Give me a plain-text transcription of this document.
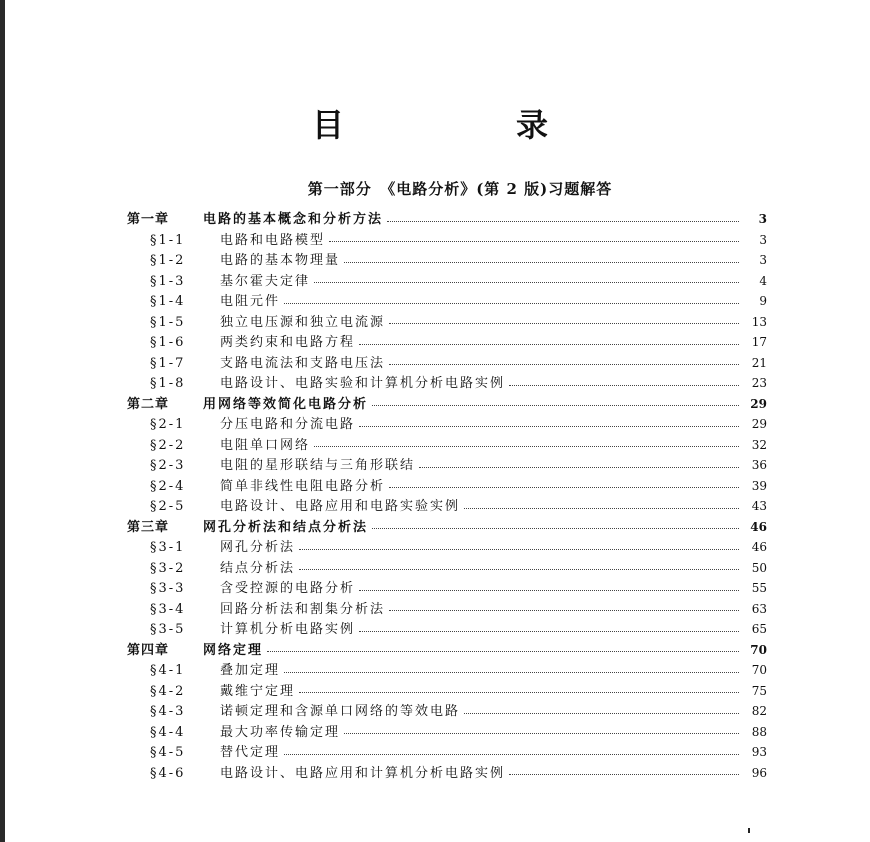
目　录
第一部分　《电路分析》(第 2 版)习题解答
第一章	电路的基本概念和分析方法	3
§1-1	电路和电路模型	3
§1-2	电路的基本物理量	3
§1-3	基尔霍夫定律	4
§1-4	电阻元件	9
§1-5	独立电压源和独立电流源	13
§1-6	两类约束和电路方程	17
§1-7	支路电流法和支路电压法	21
§1-8	电路设计、电路实验和计算机分析电路实例	23
第二章	用网络等效简化电路分析	29
§2-1	分压电路和分流电路	29
§2-2	电阻单口网络	32
§2-3	电阻的星形联结与三角形联结	36
§2-4	简单非线性电阻电路分析	39
§2-5	电路设计、电路应用和电路实验实例	43
第三章	网孔分析法和结点分析法	46
§3-1	网孔分析法	46
§3-2	结点分析法	50
§3-3	含受控源的电路分析	55
§3-4	回路分析法和割集分析法	63
§3-5	计算机分析电路实例	65
第四章	网络定理	70
§4-1	叠加定理	70
§4-2	戴维宁定理	75
§4-3	诺顿定理和含源单口网络的等效电路	82
§4-4	最大功率传输定理	88
§4-5	替代定理	93
§4-6	电路设计、电路应用和计算机分析电路实例	96
